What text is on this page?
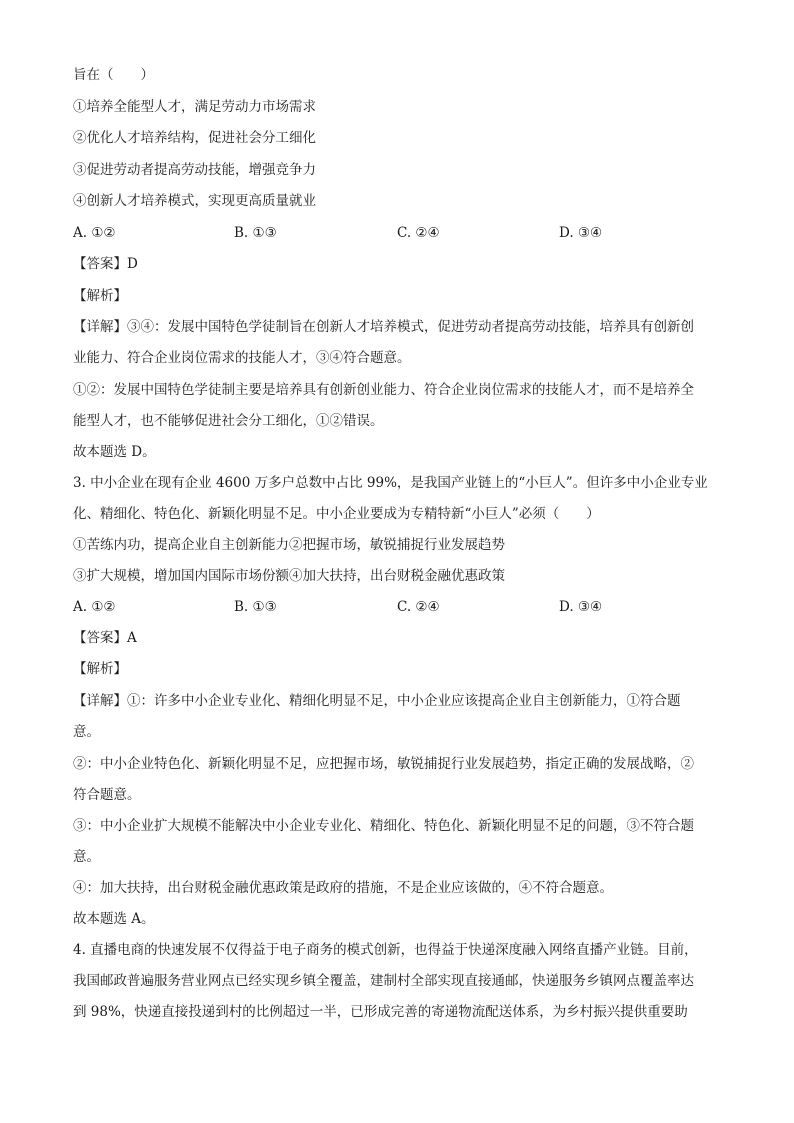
旨在（　　）
①培养全能型人才，满足劳动力市场需求
②优化人才培养结构，促进社会分工细化
③促进劳动者提高劳动技能，增强竞争力
④创新人才培养模式，实现更高质量就业
A. ①②	B. ①③	C. ②④	D. ③④
【答案】D
【解析】
【详解】③④：发展中国特色学徒制旨在创新人才培养模式，促进劳动者提高劳动技能，培养具有创新创
业能力、符合企业岗位需求的技能人才，③④符合题意。
①②：发展中国特色学徒制主要是培养具有创新创业能力、符合企业岗位需求的技能人才，而不是培养全
能型人才，也不能够促进社会分工细化，①②错误。
故本题选 D。
3. 中小企业在现有企业 4600 万多户总数中占比 99%，是我国产业链上的“小巨人”。但许多中小企业专业
化、精细化、特色化、新颖化明显不足。中小企业要成为专精特新“小巨人”必须（　　）
①苦练内功，提高企业自主创新能力②把握市场，敏锐捕捉行业发展趋势
③扩大规模，增加国内国际市场份额④加大扶持，出台财税金融优惠政策
A. ①②	B. ①③	C. ②④	D. ③④
【答案】A
【解析】
【详解】①：许多中小企业专业化、精细化明显不足，中小企业应该提高企业自主创新能力，①符合题
意。
②：中小企业特色化、新颖化明显不足，应把握市场，敏锐捕捉行业发展趋势，指定正确的发展战略，②
符合题意。
③：中小企业扩大规模不能解决中小企业专业化、精细化、特色化、新颖化明显不足的问题，③不符合题
意。
④：加大扶持，出台财税金融优惠政策是政府的措施，不是企业应该做的，④不符合题意。
故本题选 A。
4. 直播电商的快速发展不仅得益于电子商务的模式创新，也得益于快递深度融入网络直播产业链。目前，
我国邮政普遍服务营业网点已经实现乡镇全覆盖，建制村全部实现直接通邮，快递服务乡镇网点覆盖率达
到 98%，快递直接投递到村的比例超过一半，已形成完善的寄递物流配送体系，为乡村振兴提供重要助
